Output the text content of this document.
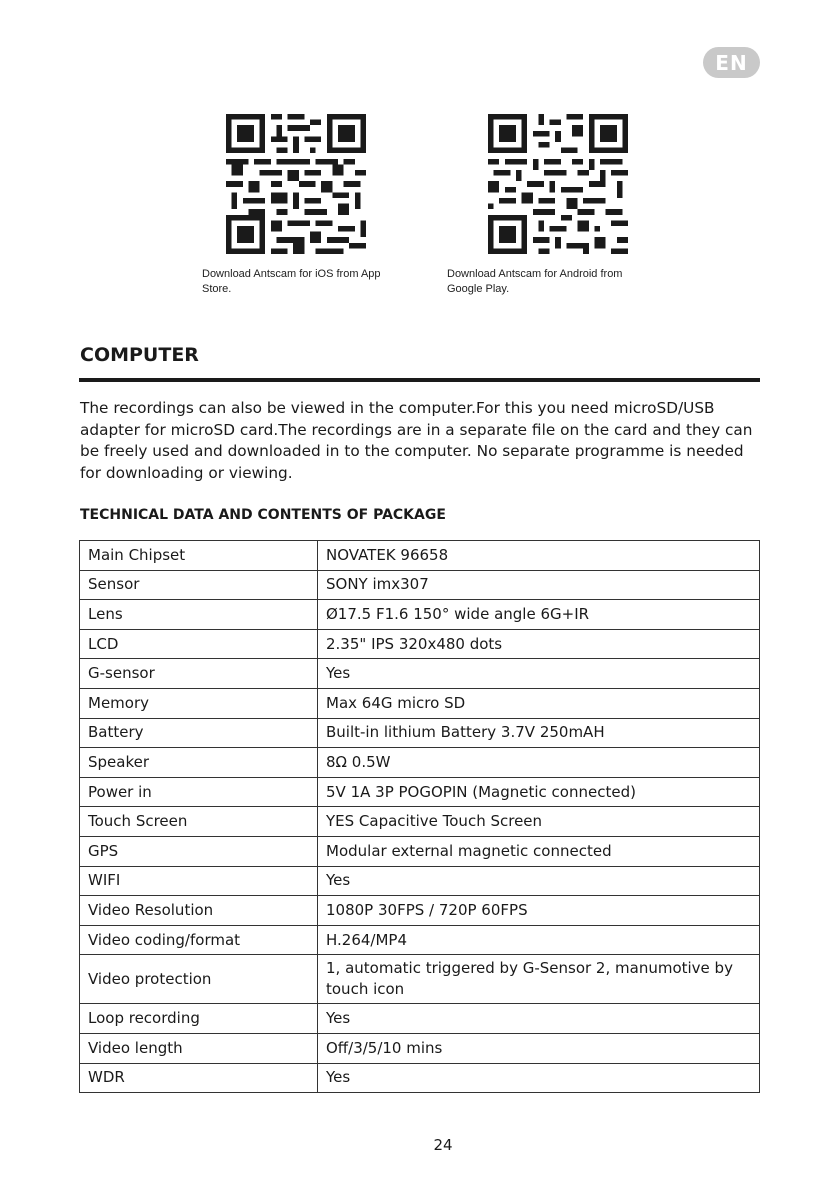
EN
Download Antscam for iOS from App Store.
Download Antscam for Android from Google Play.
COMPUTER

The recordings can also be viewed in the computer.For this you need microSD/USB adapter for microSD card.The recordings are in a separate file on the card and they can be freely used and downloaded in to the computer. No separate programme is needed for downloading or viewing.

TECHNICAL DATA AND CONTENTS OF PACKAGE
Main Chipset	NOVATEK 96658
Sensor	SONY imx307
Lens	Ø17.5 F1.6 150° wide angle 6G+IR
LCD	2.35" IPS 320x480 dots
G-sensor	Yes
Memory	Max 64G micro SD
Battery	Built-in lithium Battery 3.7V 250mAH
Speaker	8Ω 0.5W
Power in	5V 1A 3P POGOPIN (Magnetic connected)
Touch Screen	YES Capacitive Touch Screen
GPS	Modular external magnetic connected
WIFI	Yes
Video Resolution	1080P 30FPS / 720P 60FPS
Video coding/format	H.264/MP4
Video protection	1, automatic triggered by G-Sensor 2, manumotive by touch icon
Loop recording	Yes
Video length	Off/3/5/10 mins
WDR	Yes
24
